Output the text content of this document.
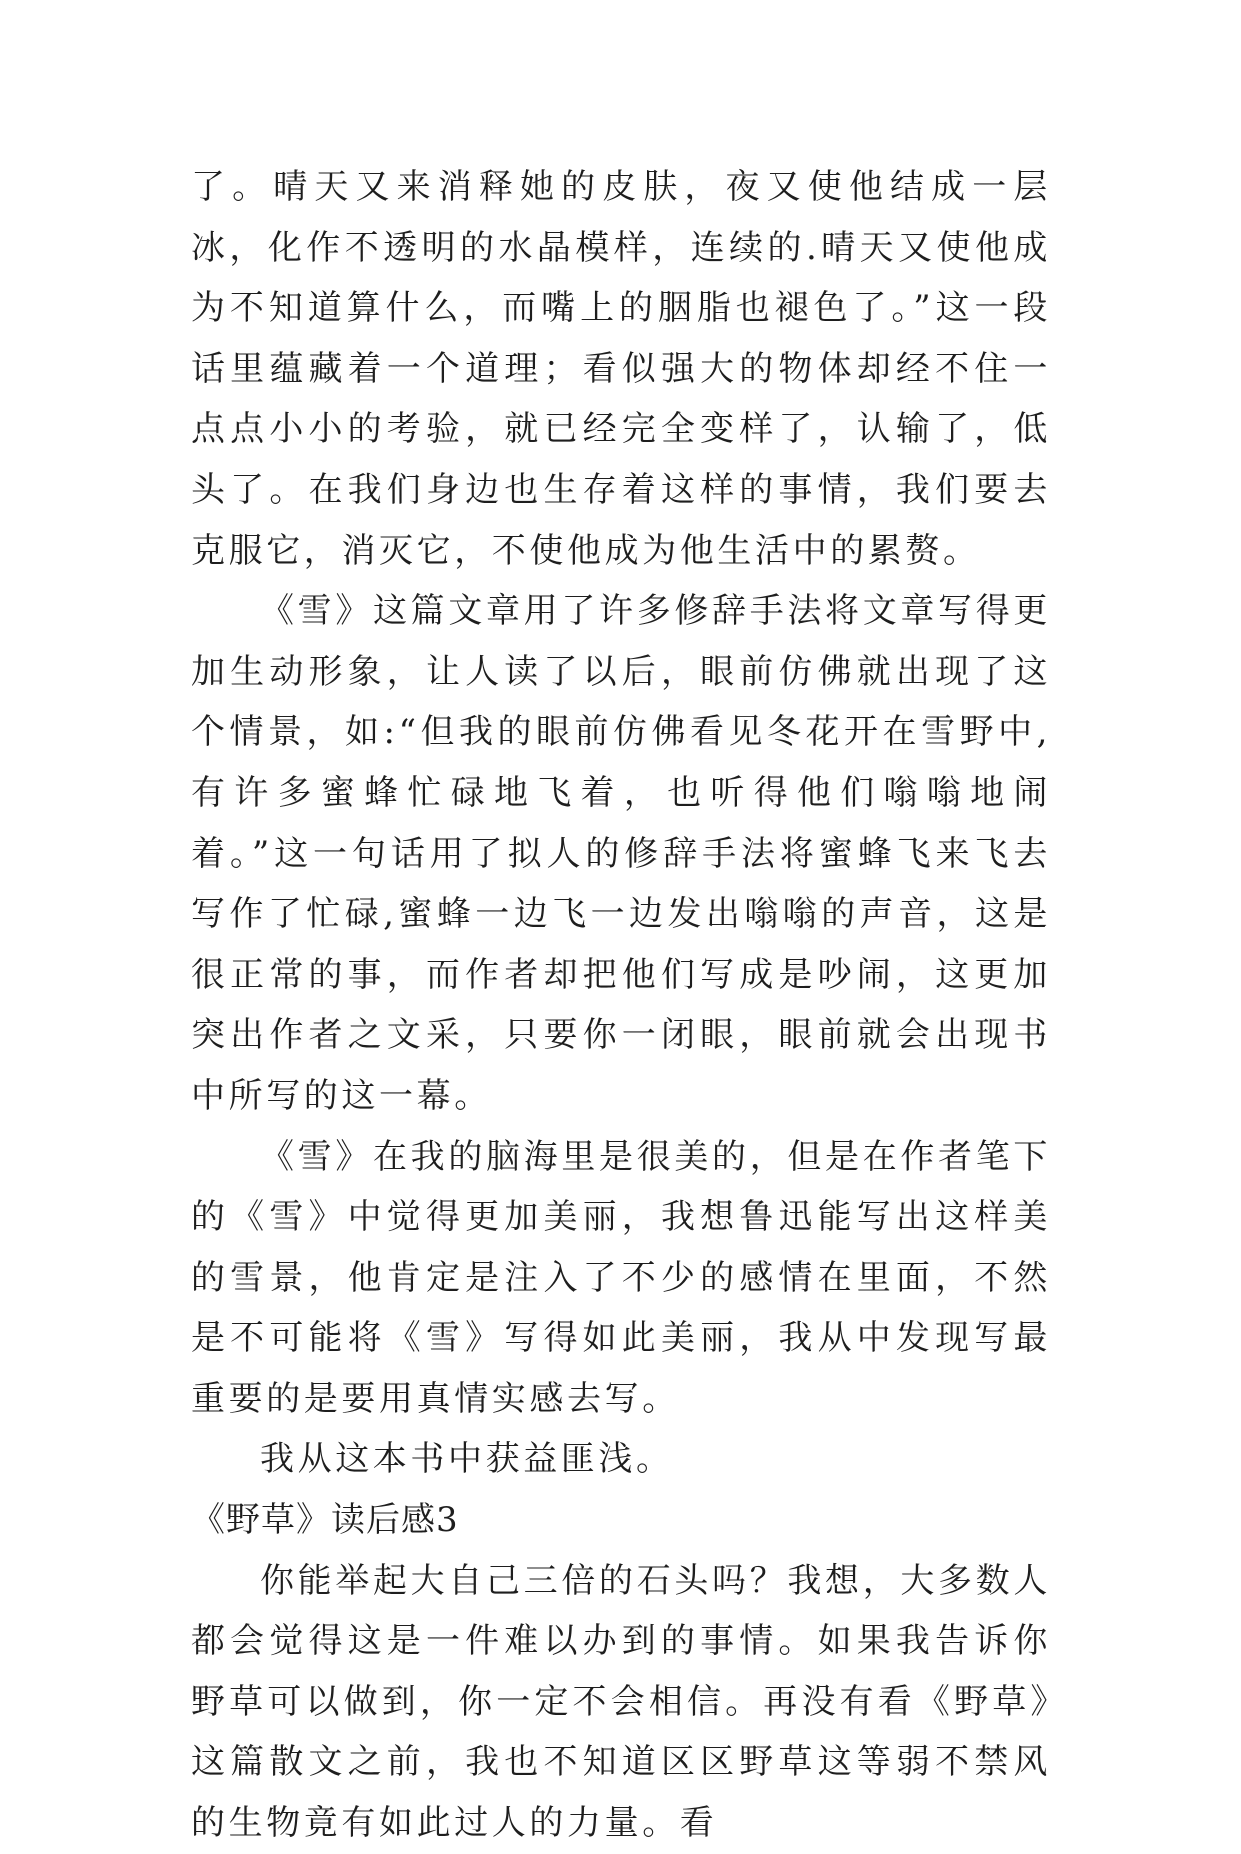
了。晴天又来消释她的皮肤，夜又使他结成一层冰，化作不透明的水晶模样，连续的.晴天又使他成为不知道算什么，而嘴上的胭脂也褪色了。”这一段话里蕴藏着一个道理；看似强大的物体却经不住一点点小小的考验，就已经完全变样了，认输了，低头了。在我们身边也生存着这样的事情，我们要去克服它，消灭它，不使他成为他生活中的累赘。

《雪》这篇文章用了许多修辞手法将文章写得更加生动形象，让人读了以后，眼前仿佛就出现了这个情景，如:“但我的眼前仿佛看见冬花开在雪野中,有许多蜜蜂忙碌地飞着，也听得他们嗡嗡地闹着。”这一句话用了拟人的修辞手法将蜜蜂飞来飞去写作了忙碌,蜜蜂一边飞一边发出嗡嗡的声音，这是很正常的事，而作者却把他们写成是吵闹，这更加突出作者之文采，只要你一闭眼，眼前就会出现书中所写的这一幕。

《雪》在我的脑海里是很美的，但是在作者笔下的《雪》中觉得更加美丽，我想鲁迅能写出这样美的雪景，他肯定是注入了不少的感情在里面，不然是不可能将《雪》写得如此美丽，我从中发现写最重要的是要用真情实感去写。

我从这本书中获益匪浅。

《野草》读后感3

你能举起大自己三倍的石头吗？我想，大多数人都会觉得这是一件难以办到的事情。如果我告诉你野草可以做到，你一定不会相信。再没有看《野草》这篇散文之前，我也不知道区区野草这等弱不禁风的生物竟有如此过人的力量。看
